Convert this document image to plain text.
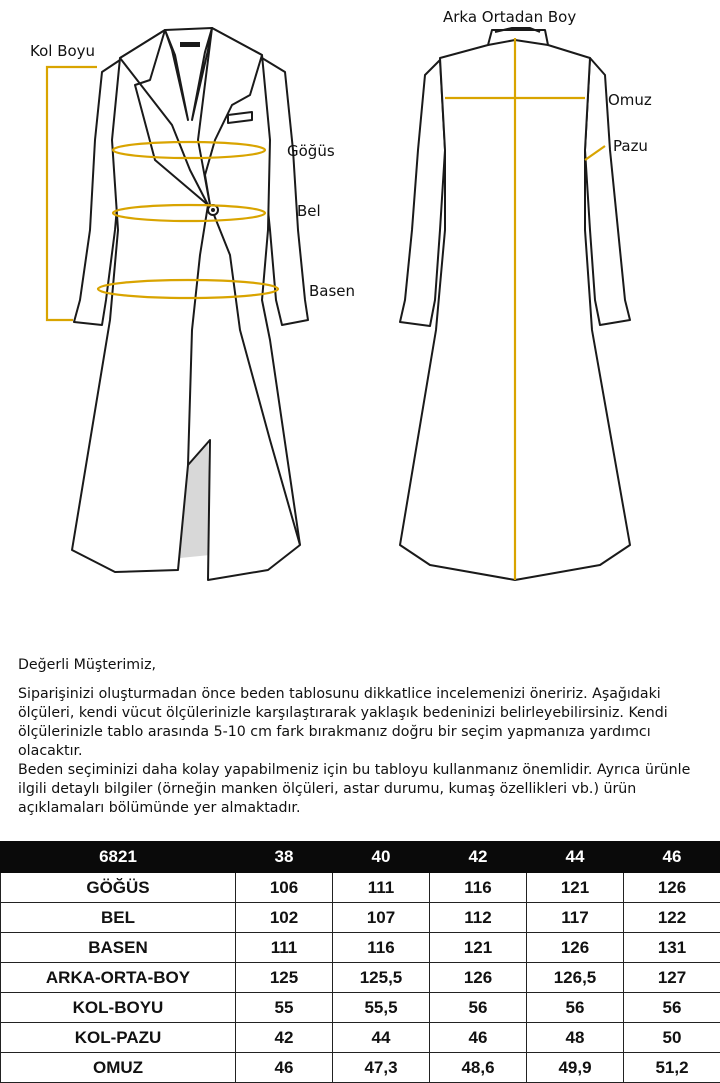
Kol Boyu
Göğüs
Bel
Basen
Arka Ortadan Boy
Omuz
Pazu

Değerli Müşterimiz,

Siparişinizi oluşturmadan önce beden tablosunu dikkatlice incelemenizi öneririz. Aşağıdaki ölçüleri, kendi vücut ölçülerinizle karşılaştırarak yaklaşık bedeninizi belirleyebilirsiniz. Kendi ölçülerinizle tablo arasında 5-10 cm fark bırakmanız doğru bir seçim yapmanıza yardımcı olacaktır.

Beden seçiminizi daha kolay yapabilmeniz için bu tabloyu kullanmanız önemlidir. Ayrıca ürünle ilgili detaylı bilgiler (örneğin manken ölçüleri, astar durumu, kumaş özellikleri vb.) ürün açıklamaları bölümünde yer almaktadır.

6821	38	40	42	44	46
GÖĞÜS	106	111	116	121	126
BEL	102	107	112	117	122
BASEN	111	116	121	126	131
ARKA-ORTA-BOY	125	125,5	126	126,5	127
KOL-BOYU	55	55,5	56	56	56
KOL-PAZU	42	44	46	48	50
OMUZ	46	47,3	48,6	49,9	51,2
